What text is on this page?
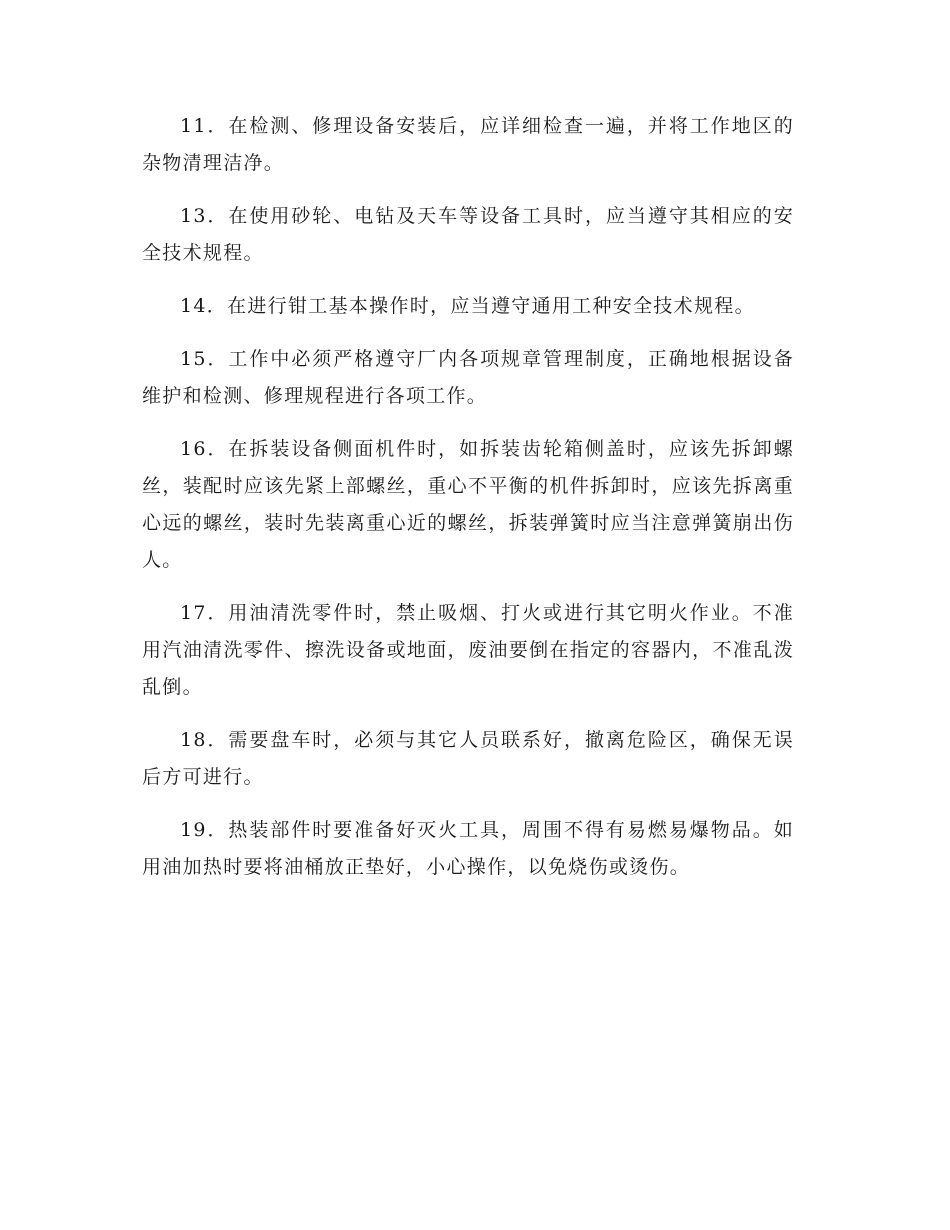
11．在检测、修理设备安装后，应详细检查一遍，并将工作地区的杂物清理洁净。

13．在使用砂轮、电钻及天车等设备工具时，应当遵守其相应的安全技术规程。

14．在进行钳工基本操作时，应当遵守通用工种安全技术规程。

15．工作中必须严格遵守厂内各项规章管理制度，正确地根据设备维护和检测、修理规程进行各项工作。

16．在拆装设备侧面机件时，如拆装齿轮箱侧盖时，应该先拆卸螺丝，装配时应该先紧上部螺丝，重心不平衡的机件拆卸时，应该先拆离重心远的螺丝，装时先装离重心近的螺丝，拆装弹簧时应当注意弹簧崩出伤人。

17．用油清洗零件时，禁止吸烟、打火或进行其它明火作业。不准用汽油清洗零件、擦洗设备或地面，废油要倒在指定的容器内，不准乱泼乱倒。

18．需要盘车时，必须与其它人员联系好，撤离危险区，确保无误后方可进行。

19．热装部件时要准备好灭火工具，周围不得有易燃易爆物品。如用油加热时要将油桶放正垫好，小心操作，以免烧伤或烫伤。
